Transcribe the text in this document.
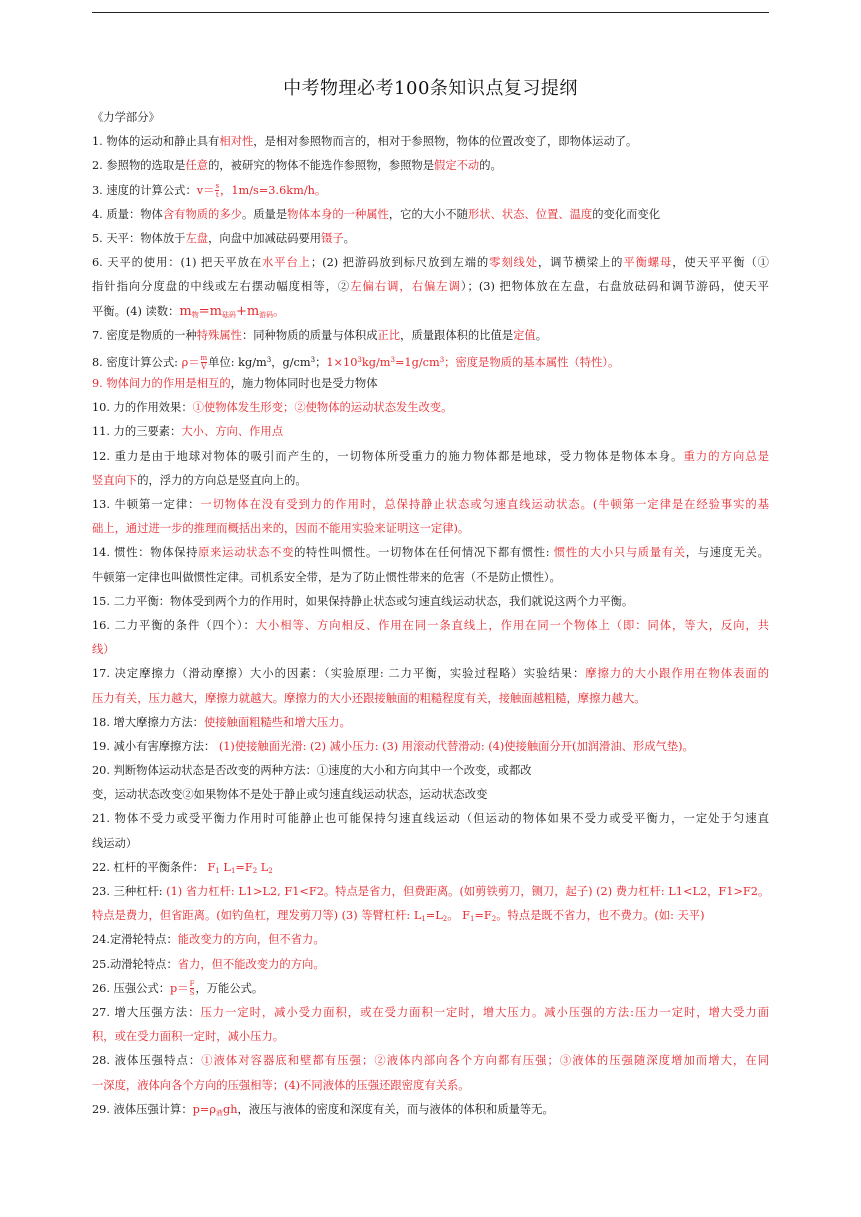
中考物理必考100条知识点复习提纲
《力学部分》
1. 物体的运动和静止具有相对性，是相对参照物而言的，相对于参照物，物体的位置改变了，即物体运动了。
2. 参照物的选取是任意的，被研究的物体不能选作参照物，参照物是假定不动的。
3. 速度的计算公式：$v= \frac{s}{t}$ ，1m/s=3.6km/h。
4. 质量：物体含有物质的多少。质量是物体本身的一种属性，它的大小不随形状、状态、位置、温度的变化而变化
5. 天平：物体放于左盘，向盘中加减砝码要用镊子。
6. 天平的使用：(1) 把天平放在水平台上；(2) 把游码放到标尺放到左端的零刻线处，调节横梁上的平衡螺母，使天平平衡（①
指针指向分度盘的中线或左右摆动幅度相等，②左偏右调，右偏左调）；(3) 把物体放在左盘，右盘放砝码和调节游码，使天平
平衡。(4) 读数：$m_物=m_{砝码}+m_{游码}$。
7. 密度是物质的一种特殊属性：同种物质的质量与体积成正比，质量跟体积的比值是定值。
8. 密度计算公式: $\rho= \frac{m}{V}$ 单位: $kg/m^3$，$g/cm^3$；$1\times 10^3kg/m^3=1g/cm^3$；密度是物质的基本属性（特性）。
9. 物体间力的作用是相互的，施力物体同时也是受力物体
10. 力的作用效果：①使物体发生形变；②使物体的运动状态发生改变。
11. 力的三要素：大小、方向、作用点
12. 重力是由于地球对物体的吸引而产生的，一切物体所受重力的施力物体都是地球，受力物体是物体本身。重力的方向总是
竖直向下的，浮力的方向总是竖直向上的。
13. 牛顿第一定律：一切物体在没有受到力的作用时，总保持静止状态或匀速直线运动状态。(牛顿第一定律是在经验事实的基
础上，通过进一步的推理而概括出来的，因而不能用实验来证明这一定律)。
14. 惯性：物体保持原来运动状态不变的特性叫惯性。一切物体在任何情况下都有惯性: 惯性的大小只与质量有关，与速度无关。
牛顿第一定律也叫做惯性定律。司机系安全带，是为了防止惯性带来的危害（不是防止惯性）。
15. 二力平衡：物体受到两个力的作用时，如果保持静止状态或匀速直线运动状态，我们就说这两个力平衡。
16. 二力平衡的条件（四个）：大小相等、方向相反、作用在同一条直线上，作用在同一个物体上（即：同体，等大，反向，共
线）
17. 决定摩擦力（滑动摩擦）大小的因素：（实验原理: 二力平衡，实验过程略）实验结果：摩擦力的大小跟作用在物体表面的
压力有关，压力越大，摩擦力就越大。摩擦力的大小还跟接触面的粗糙程度有关，接触面越粗糙，摩擦力越大。
18. 增大摩擦力方法：使接触面粗糙些和增大压力。
19. 减小有害摩擦方法： (1)使接触面光滑: (2) 减小压力: (3) 用滚动代替滑动: (4)使接触面分开(加润滑油、形成气垫)。
20. 判断物体运动状态是否改变的两种方法：①速度的大小和方向其中一个改变，或都改
变，运动状态改变②如果物体不是处于静止或匀速直线运动状态，运动状态改变
21. 物体不受力或受平衡力作用时可能静止也可能保持匀速直线运动（但运动的物体如果不受力或受平衡力，一定处于匀速直
线运动）
22. 杠杆的平衡条件： $F_1$ $L_1=F_2$ $L_2$
23. 三种杠杆: (1) 省力杠杆: L1>L2, F1<F2。特点是省力，但费距离。(如剪铁剪刀，铡刀，起子) (2) 费力杠杆: L1<L2，F1>F2。
特点是费力，但省距离。(如钓鱼杠，理发剪刀等) (3) 等臂杠杆: $L_1=L_2$。 $F_1=F_2$。特点是既不省力，也不费力。(如: 天平)
24.定滑轮特点：能改变力的方向，但不省力。
25.动滑轮特点：省力，但不能改变力的方向。
26. 压强公式：$p= \frac{F}{S}$ ，万能公式。
27. 增大压强方法：压力一定时，减小受力面积，或在受力面积一定时，增大压力。减小压强的方法:压力一定时，增大受力面
积，或在受力面积一定时，减小压力。
28. 液体压强特点：①液体对容器底和壁都有压强；②液体内部向各个方向都有压强；③液体的压强随深度增加而增大，在同
一深度，液体向各个方向的压强相等；(4)不同液体的压强还跟密度有关系。
29. 液体压强计算：$p=\rho_液gh$，液压与液体的密度和深度有关，而与液体的体积和质量等无。
